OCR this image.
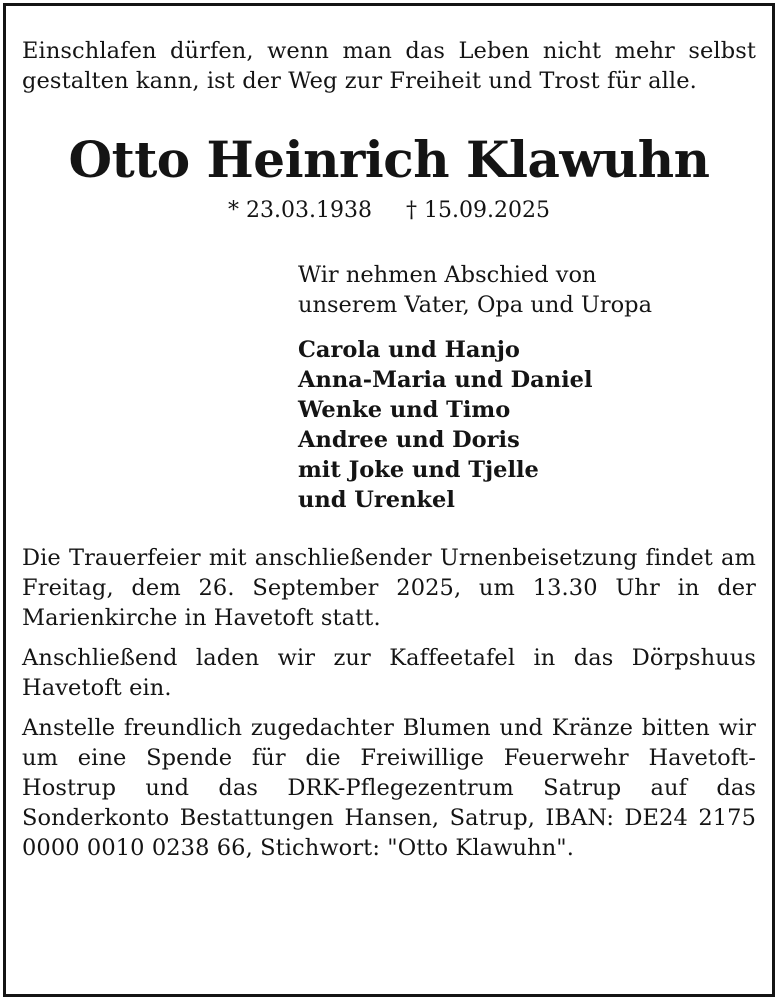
Einschlafen dürfen, wenn man das Leben nicht mehr selbst gestalten kann, ist der Weg zur Freiheit und Trost für alle.

Otto Heinrich Klawuhn
* 23.03.1938 † 15.09.2025
Wir nehmen Abschied von
unserem Vater, Opa und Uropa
Carola und Hanjo
Anna-Maria und Daniel
Wenke und Timo
Andree und Doris
mit Joke und Tjelle
und Urenkel

Die Trauerfeier mit anschließender Urnenbeisetzung findet am Freitag, dem 26. September 2025, um 13.30 Uhr in der Marienkirche in Havetoft statt.

Anschließend laden wir zur Kaffeetafel in das Dörpshuus Havetoft ein.

Anstelle freundlich zugedachter Blumen und Kränze bitten wir um eine Spende für die Freiwillige Feuerwehr Havetoft-Hostrup und das DRK-Pflegezentrum Satrup auf das Sonderkonto Bestattungen Hansen, Satrup, IBAN: DE24 2175 0000 0010 0238 66, Stichwort: "Otto Klawuhn".
